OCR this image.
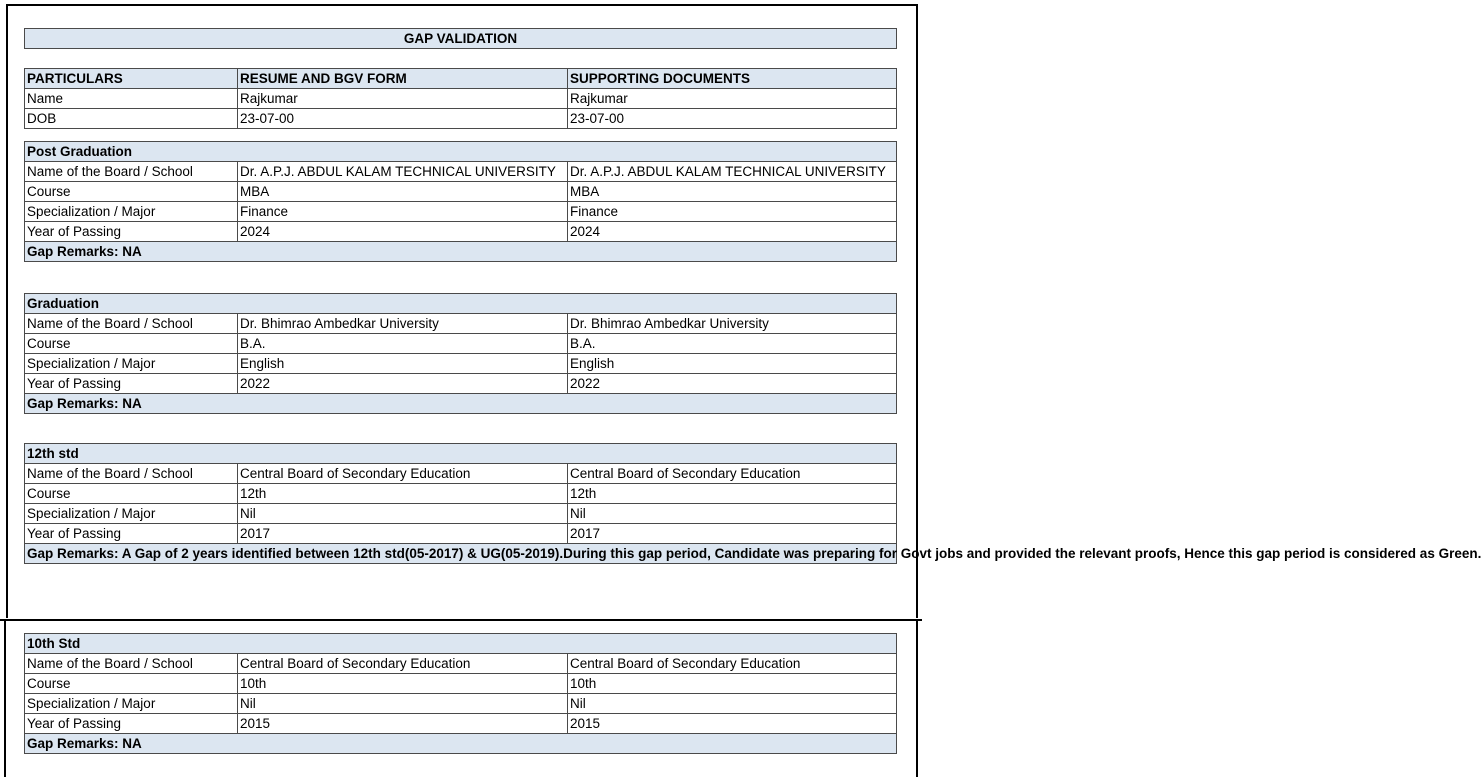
GAP VALIDATION
PARTICULARS	RESUME AND BGV FORM	SUPPORTING DOCUMENTS
Name	Rajkumar	Rajkumar
DOB	23-07-00	23-07-00
Post Graduation		
Name of the Board / School	Dr. A.P.J. ABDUL KALAM TECHNICAL UNIVERSITY	Dr. A.P.J. ABDUL KALAM TECHNICAL UNIVERSITY
Course	MBA	MBA
Specialization / Major	Finance	Finance
Year of Passing	2024	2024
Gap Remarks: NA		
Graduation		
Name of the Board / School	Dr. Bhimrao Ambedkar University	Dr. Bhimrao Ambedkar University
Course	B.A.	B.A.
Specialization / Major	English	English
Year of Passing	2022	2022
Gap Remarks: NA		
12th std		
Name of the Board / School	Central Board of Secondary Education	Central Board of Secondary Education
Course	12th	12th
Specialization / Major	Nil	Nil
Year of Passing	2017	2017
Gap Remarks: A Gap of 2 years identified between 12th std(05-2017) & UG(05-2019).During this gap period, Candidate was preparing for Govt jobs and provided the relevant proofs, Hence this gap period is considered as Green.		
10th Std		
Name of the Board / School	Central Board of Secondary Education	Central Board of Secondary Education
Course	10th	10th
Specialization / Major	Nil	Nil
Year of Passing	2015	2015
Gap Remarks: NA		
